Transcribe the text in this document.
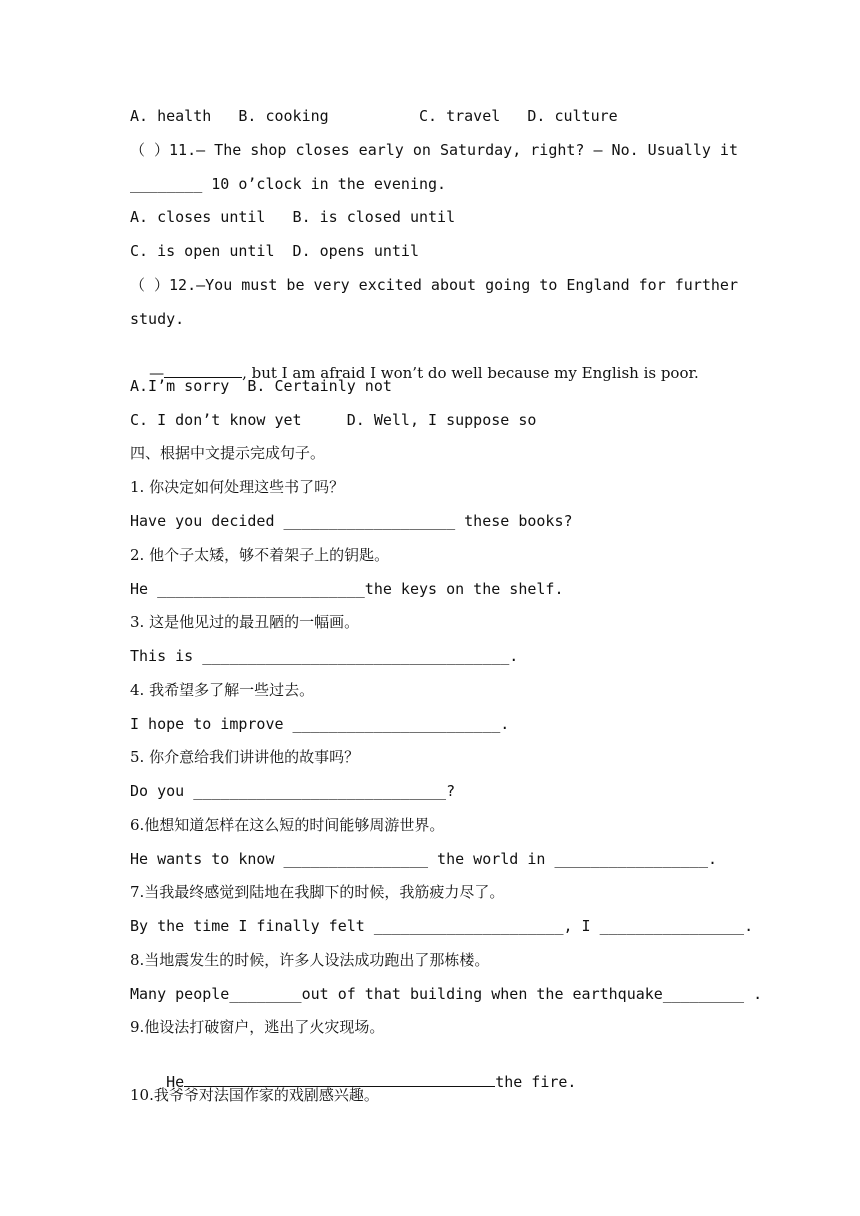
A. health   B. cooking          C. travel   D. culture
（ ）11.— The shop closes early on Saturday, right? — No. Usually it
________ 10 o’clock in the evening.
A. closes until   B. is closed until
C. is open until  D. opens until
（ ）12.—You must be very excited about going to England for further
study.

—	, but I am afraid I won’t do well because my English is poor.

A.I’m sorry  B. Certainly not
C. I don’t know yet     D. Well, I suppose so
四、根据中文提示完成句子。
1. 你决定如何处理这些书了吗？
Have you decided ___________________ these books?
2. 他个子太矮，够不着架子上的钥匙。
He _______________________the keys on the shelf.
3. 这是他见过的最丑陋的一幅画。
This is __________________________________.
4. 我希望多了解一些过去。
I hope to improve _______________________.
5. 你介意给我们讲讲他的故事吗？
Do you ____________________________?
6.他想知道怎样在这么短的时间能够周游世界。
He wants to know ________________ the world in _________________.
7.当我最终感觉到陆地在我脚下的时候，我筋疲力尽了。
By the time I finally felt _____________________, I ________________.
8.当地震发生的时候，许多人设法成功跑出了那栋楼。
Many people________out of that building when the earthquake_________ .
9.他设法打破窗户，逃出了火灾现场。

He	the fire.

10.我爷爷对法国作家的戏剧感兴趣。
